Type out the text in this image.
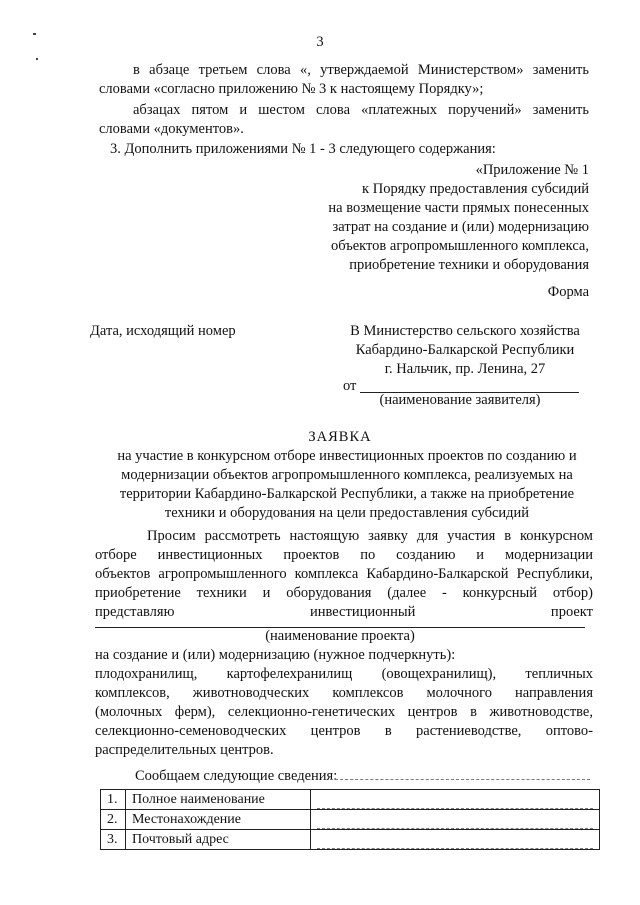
3
в абзаце третьем слова «, утверждаемой Министерством» заменить
словами «согласно приложению № 3 к настоящему Порядку»;
абзацах пятом и шестом слова «платежных поручений» заменить
словами «документов».
3. Дополнить приложениями № 1 - 3 следующего содержания:
«Приложение № 1
к Порядку предоставления субсидий
на возмещение части прямых понесенных
затрат на создание и (или) модернизацию
объектов агропромышленного комплекса,
приобретение техники и оборудования
Форма
Дата, исходящий номер	В Министерство сельского хозяйства
Кабардино-Балкарской Республики
г. Нальчик, пр. Ленина, 27
от
(наименование заявителя)
ЗАЯВКА
на участие в конкурсном отборе инвестиционных проектов по созданию и
модернизации объектов агропромышленного комплекса, реализуемых на
территории Кабардино-Балкарской Республики, а также на приобретение
техники и оборудования на цели предоставления субсидий
Просим рассмотреть настоящую заявку для участия в конкурсном
отборе инвестиционных проектов по созданию и модернизации
объектов агропромышленного комплекса Кабардино-Балкарской Республики,
приобретение техники и оборудования (далее - конкурсный отбор)
представляю инвестиционный проект
(наименование проекта)
на создание и (или) модернизацию (нужное подчеркнуть):
плодохранилищ, картофелехранилищ (овощехранилищ), тепличных
комплексов, животноводческих комплексов молочного направления
(молочных ферм), селекционно-генетических центров в животноводстве,
селекционно-семеноводческих центров в растениеводстве, оптово-
распределительных центров.
Сообщаем следующие сведения:
1.	Полное наименование	

2.	Местонахождение	

3.	Почтовый адрес	
